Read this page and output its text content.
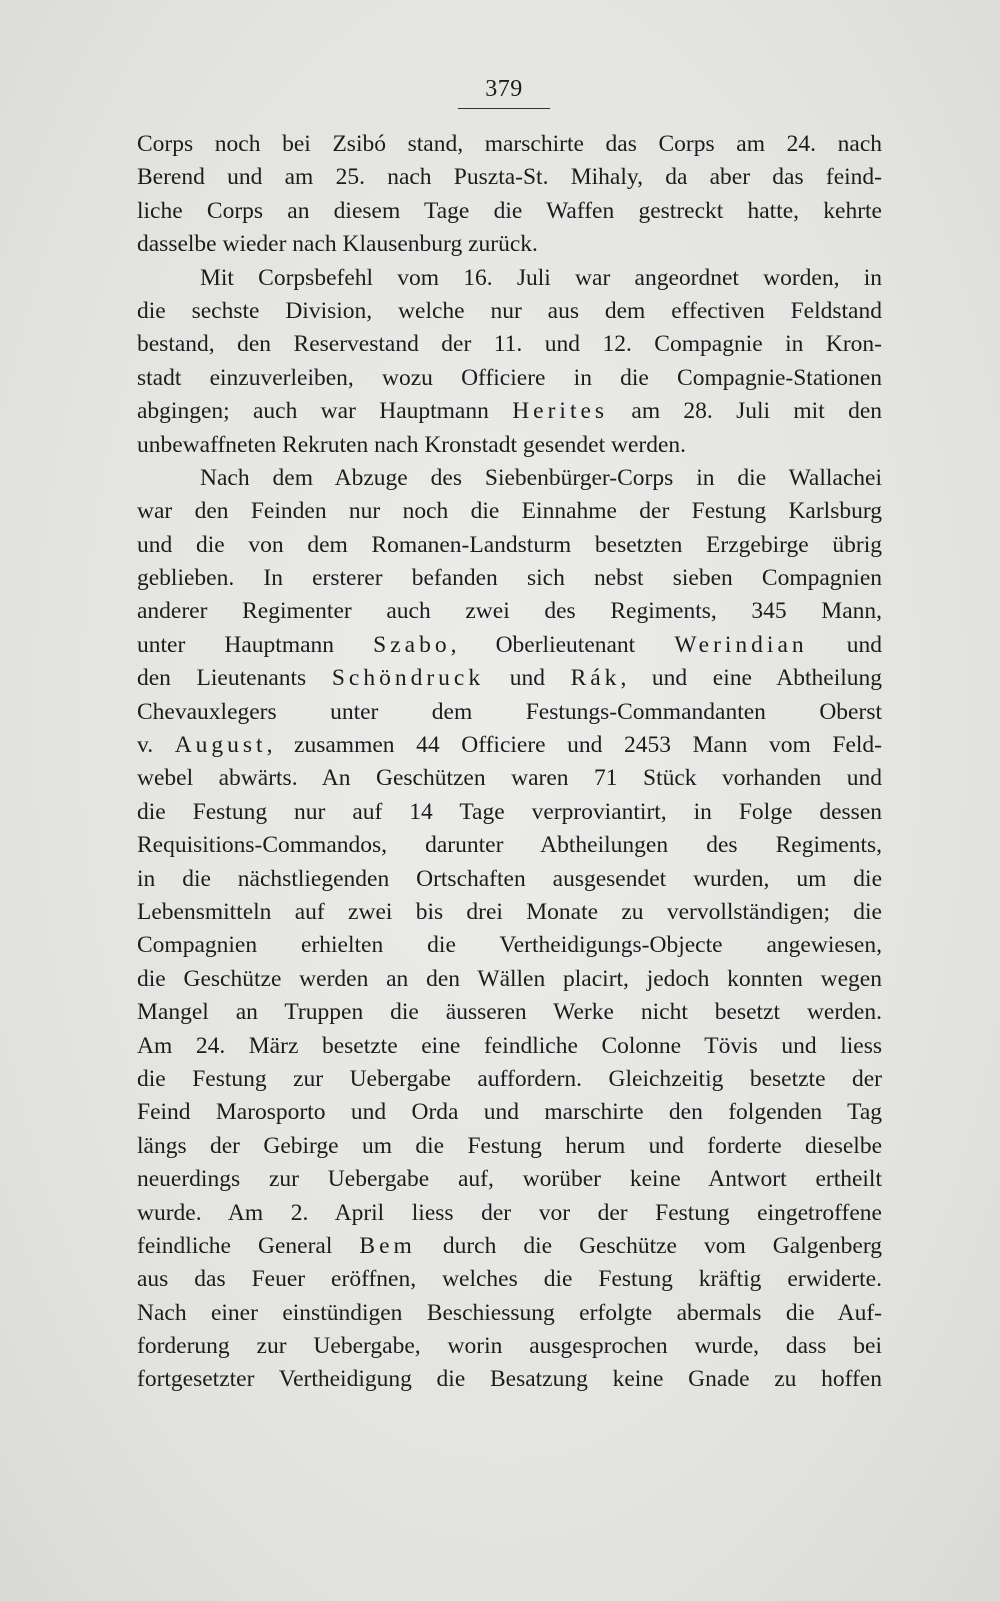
379
Corps noch bei Zsibó stand, marschirte das Corps am 24. nach
Berend und am 25. nach Puszta-St. Mihaly, da aber das feind-
liche Corps an diesem Tage die Waffen gestreckt hatte, kehrte
dasselbe wieder nach Klausenburg zurück.
Mit Corpsbefehl vom 16. Juli war angeordnet worden, in
die sechste Division, welche nur aus dem effectiven Feldstand
bestand, den Reservestand der 11. und 12. Compagnie in Kron-
stadt einzuverleiben, wozu Officiere in die Compagnie-Stationen
abgingen; auch war Hauptmann Herites am 28. Juli mit den
unbewaffneten Rekruten nach Kronstadt gesendet werden.
Nach dem Abzuge des Siebenbürger-Corps in die Wallachei
war den Feinden nur noch die Einnahme der Festung Karlsburg
und die von dem Romanen-Landsturm besetzten Erzgebirge übrig
geblieben. In ersterer befanden sich nebst sieben Compagnien
anderer Regimenter auch zwei des Regiments, 345 Mann,
unter Hauptmann Szabo, Oberlieutenant Werindian und
den Lieutenants Schöndruck und Rák, und eine Abtheilung
Chevauxlegers unter dem Festungs-Commandanten Oberst
v. August, zusammen 44 Officiere und 2453 Mann vom Feld-
webel abwärts. An Geschützen waren 71 Stück vorhanden und
die Festung nur auf 14 Tage verproviantirt, in Folge dessen
Requisitions-Commandos, darunter Abtheilungen des Regiments,
in die nächstliegenden Ortschaften ausgesendet wurden, um die
Lebensmitteln auf zwei bis drei Monate zu vervollständigen; die
Compagnien erhielten die Vertheidigungs-Objecte angewiesen,
die Geschütze werden an den Wällen placirt, jedoch konnten wegen
Mangel an Truppen die äusseren Werke nicht besetzt werden.
Am 24. März besetzte eine feindliche Colonne Tövis und liess
die Festung zur Uebergabe auffordern. Gleichzeitig besetzte der
Feind Marosporto und Orda und marschirte den folgenden Tag
längs der Gebirge um die Festung herum und forderte dieselbe
neuerdings zur Uebergabe auf, worüber keine Antwort ertheilt
wurde. Am 2. April liess der vor der Festung eingetroffene
feindliche General Bem durch die Geschütze vom Galgenberg
aus das Feuer eröffnen, welches die Festung kräftig erwiderte.
Nach einer einstündigen Beschiessung erfolgte abermals die Auf-
forderung zur Uebergabe, worin ausgesprochen wurde, dass bei
fortgesetzter Vertheidigung die Besatzung keine Gnade zu hoffen
